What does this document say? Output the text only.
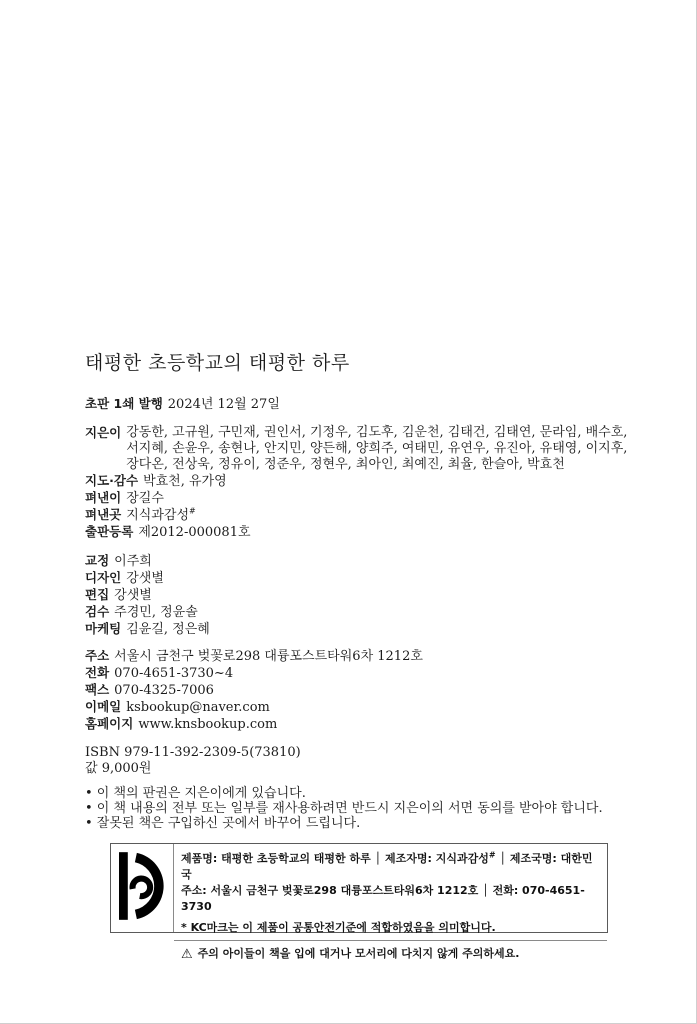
태평한 초등학교의 태평한 하루
초판 1쇄 발행 2024년 12월 27일
지은이 강동한, 고규원, 구민재, 권인서, 기정우, 김도후, 김운천, 김태건, 김태연, 문라임, 배수호,
서지혜, 손윤우, 송현나, 안지민, 양든해, 양희주, 여태민, 유연우, 유진아, 유태영, 이지후,
장다온, 전상욱, 정유이, 정준우, 정현우, 최아인, 최예진, 최율, 한슬아, 박효천
지도·감수 박효천, 유가영
펴낸이 장길수
펴낸곳 지식과감성#
출판등록 제2012-000081호
교정 이주희
디자인 강샛별
편집 강샛별
검수 주경민, 정윤솔
마케팅 김윤길, 정은혜
주소 서울시 금천구 벚꽃로298 대륭포스트타워6차 1212호
전화 070-4651-3730~4
팩스 070-4325-7006
이메일 ksbookup@naver.com
홈페이지 www.knsbookup.com
ISBN 979-11-392-2309-5(73810)
값 9,000원
• 이 책의 판권은 지은이에게 있습니다.
• 이 책 내용의 전부 또는 일부를 재사용하려면 반드시 지은이의 서면 동의를 받아야 합니다.
• 잘못된 책은 구입하신 곳에서 바꾸어 드립니다.
제품명: 태평한 초등학교의 태평한 하루 │ 제조자명: 지식과감성# │ 제조국명: 대한민국
주소: 서울시 금천구 벚꽃로298 대륭포스트타워6차 1212호 │ 전화: 070-4651-3730
* KC마크는 이 제품이 공통안전기준에 적합하였음을 의미합니다.
⚠ 주의 아이들이 책을 입에 대거나 모서리에 다치지 않게 주의하세요.
